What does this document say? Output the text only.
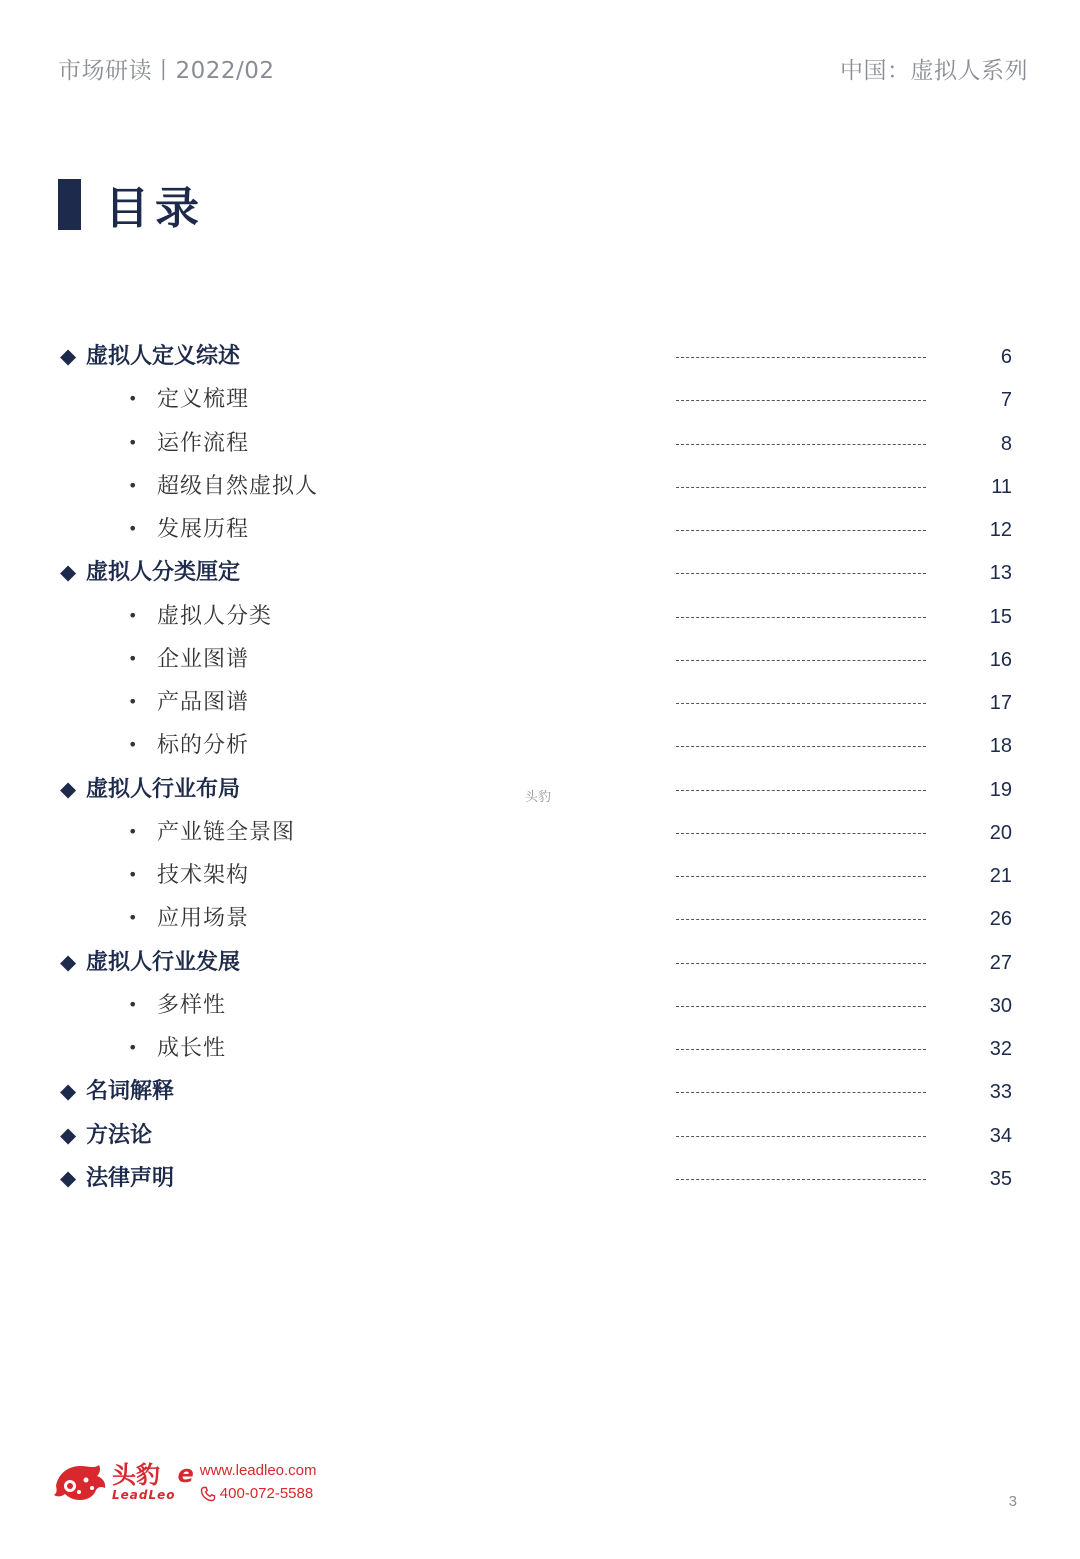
市场研读丨2022/02	中国：虚拟人系列
目录
◆ 虚拟人定义综述	6
• 定义梳理	7
• 运作流程	8
• 超级自然虚拟人	11
• 发展历程	12
◆ 虚拟人分类厘定	13
• 虚拟人分类	15
• 企业图谱	16
• 产品图谱	17
• 标的分析	18
◆ 虚拟人行业布局	19
• 产业链全景图	20
• 技术架构	21
• 应用场景	26
◆ 虚拟人行业发展	27
• 多样性	30
• 成长性	32
◆ 名词解释	33
◆ 方法论	34
◆ 法律声明	35
头豹
头豹
LeadLeo
e www.leadleo.com
400-072-5588	3
